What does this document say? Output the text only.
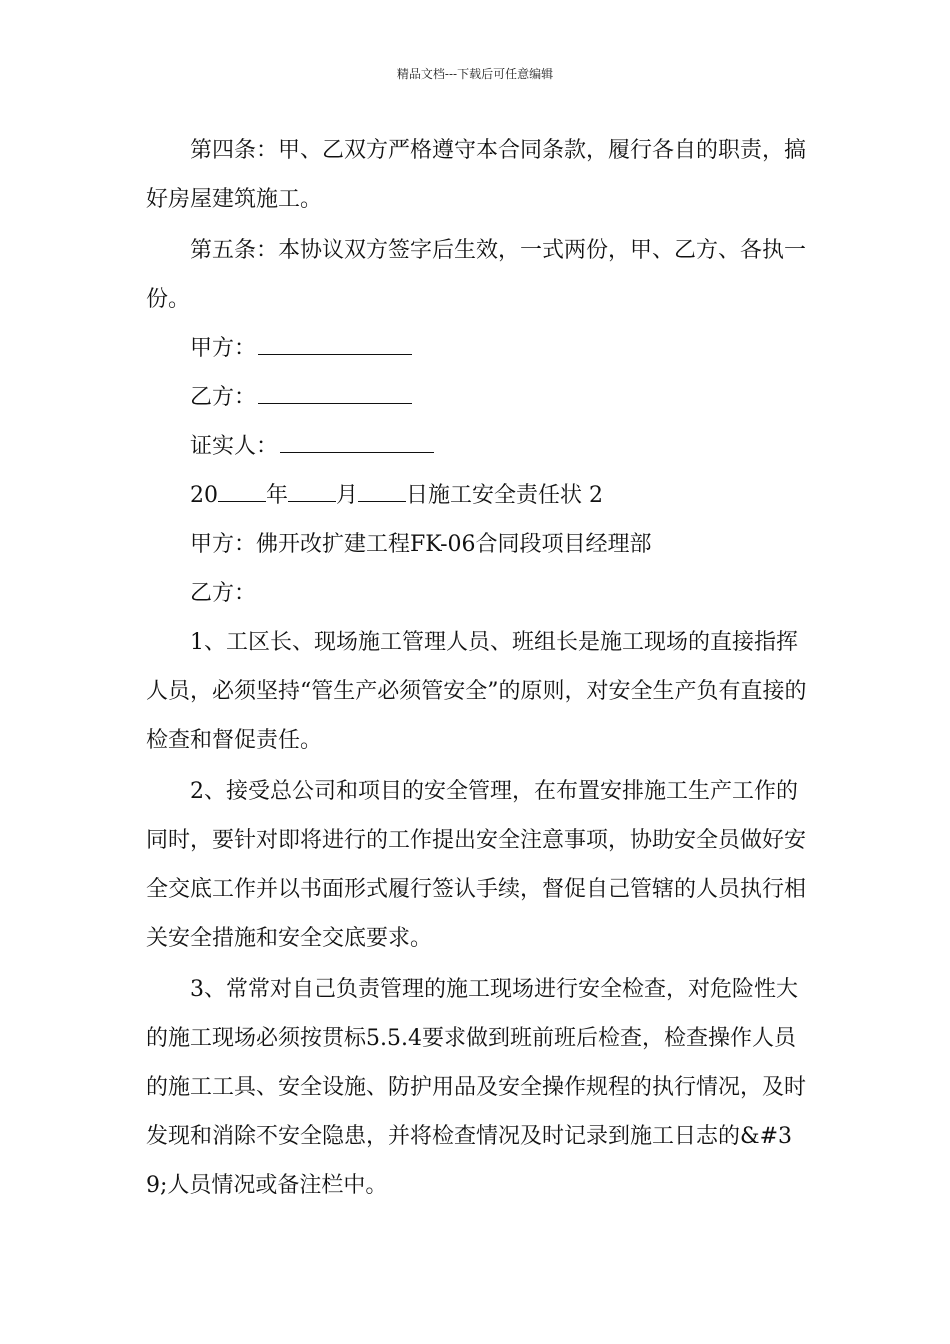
精品文档---下载后可任意编辑

第四条：甲、乙双方严格遵守本合同条款，履行各自的职责，搞好房屋建筑施工。

第五条：本协议双方签字后生效，一式两份，甲、乙方、各执一份。

甲方：

乙方：

证实人：

20 年 月 日施工安全责任状 2

甲方：佛开改扩建工程FK-06合同段项目经理部

乙方：

1、工区长、现场施工管理人员、班组长是施工现场的直接指挥人员，必须坚持“管生产必须管安全”的原则，对安全生产负有直接的检查和督促责任。

2、接受总公司和项目的安全管理，在布置安排施工生产工作的同时，要针对即将进行的工作提出安全注意事项，协助安全员做好安全交底工作并以书面形式履行签认手续，督促自己管辖的人员执行相关安全措施和安全交底要求。

3、常常对自己负责管理的施工现场进行安全检查，对危险性大的施工现场必须按贯标5.5.4要求做到班前班后检查，检查操作人员的施工工具、安全设施、防护用品及安全操作规程的执行情况，及时发现和消除不安全隐患，并将检查情况及时记录到施工日志的&#39;人员情况或备注栏中。
